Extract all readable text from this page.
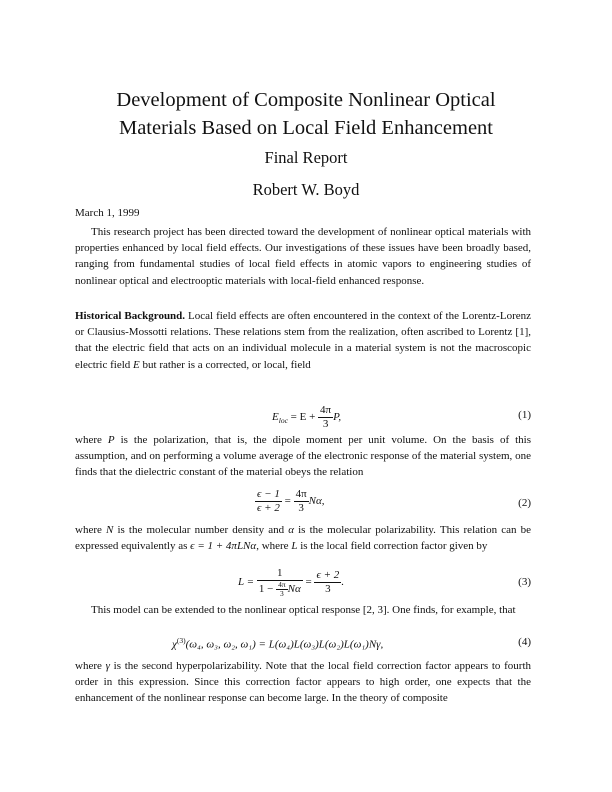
Development of Composite Nonlinear Optical
Materials Based on Local Field Enhancement
Final Report
Robert W. Boyd
March 1, 1999

This research project has been directed toward the development of nonlinear optical materials with properties enhanced by local field effects. Our investigations of these issues have been broadly based, ranging from fundamental studies of local field effects in atomic vapors to engineering studies of nonlinear optical and electrooptic materials with local-field enhanced response.

Historical Background. Local field effects are often encountered in the context of the Lorentz-Lorenz or Clausius-Mossotti relations. These relations stem from the realization, often ascribed to Lorentz [1], that the electric field that acts on an individual molecule in a material system is not the macroscopic electric field E but rather is a corrected, or local, field

$E_{loc} = E + \frac{4\pi}{3} P$,	(1)

where P is the polarization, that is, the dipole moment per unit volume. On the basis of this assumption, and on performing a volume average of the electronic response of the material system, one finds that the dielectric constant of the material obeys the relation

$\frac{\epsilon - 1}{\epsilon + 2} = \frac{4\pi}{3} N\alpha$,	(2)

where N is the molecular number density and α is the molecular polarizability. This relation can be expressed equivalently as ϵ = 1 + 4πLNα, where L is the local field correction factor given by

$L = \frac{1}{1 - \frac{4\pi}{3} N\alpha} = \frac{\epsilon + 2}{3}$ .	(3)

This model can be extended to the nonlinear optical response [2, 3]. One finds, for example, that

$\chi^{(3)}(\omega_4$, ω₃, ω₂, ω₁) = L(ω₄)L(ω₃)L(ω₂)L(ω₁)Nγ,	(4)

where γ is the second hyperpolarizability. Note that the local field correction factor appears to fourth order in this expression. Since this correction factor appears to high order, one expects that the enhancement of the nonlinear response can become large. In the theory of composite
